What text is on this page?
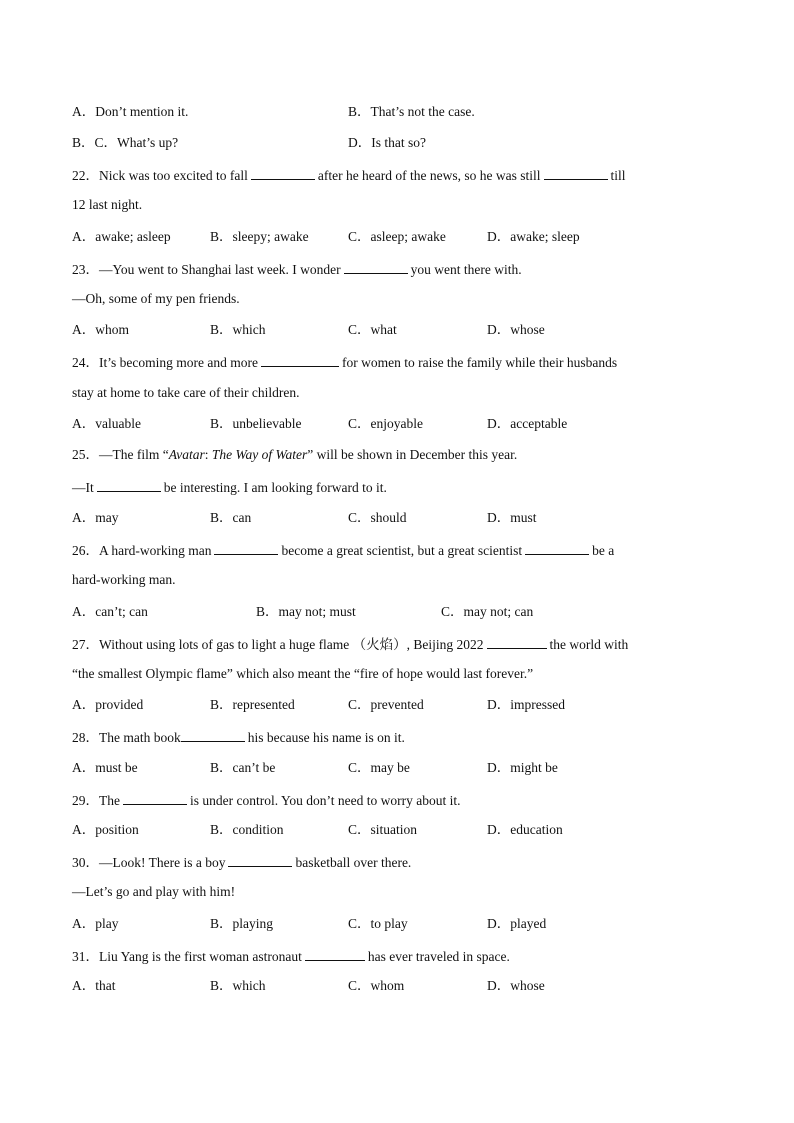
A．Don’t mention it.	B．That’s not the case.
B．C．What’s up?	D．Is that so?
22．Nick was too excited to fall	after he heard of the news, so he was still	till
12 last night.
A．awake; asleep	B．sleepy; awake	C．asleep; awake	D．awake; sleep
23．—You went to Shanghai last week. I wonder	you went there with.
—Oh, some of my pen friends.
A．whom	B．which	C．what	D．whose
24．It’s becoming more and more	for women to raise the family while their husbands
stay at home to take care of their children.
A．valuable	B．unbelievable	C．enjoyable	D．acceptable
25．—The film “Avatar: The Way of Water” will be shown in December this year.
—It	be interesting. I am looking forward to it.
A．may	B．can	C．should	D．must
26．A hard-working man	become a great scientist, but a great scientist	be a
hard-working man.
A．can’t; can	B．may not; must	C．may not; can
27．Without using lots of gas to light a huge flame （火焰）, Beijing 2022	the world with
“the smallest Olympic flame” which also meant the “fire of hope would last forever.”
A．provided	B．represented	C．prevented	D．impressed
28．The math book	his because his name is on it.
A．must be	B．can’t be	C．may be	D．might be
29．The	is under control. You don’t need to worry about it.
A．position	B．condition	C．situation	D．education
30．—Look! There is a boy	basketball over there.
—Let’s go and play with him!
A．play	B．playing	C．to play	D．played
31．Liu Yang is the first woman astronaut	has ever traveled in space.
A．that	B．which	C．whom	D．whose
